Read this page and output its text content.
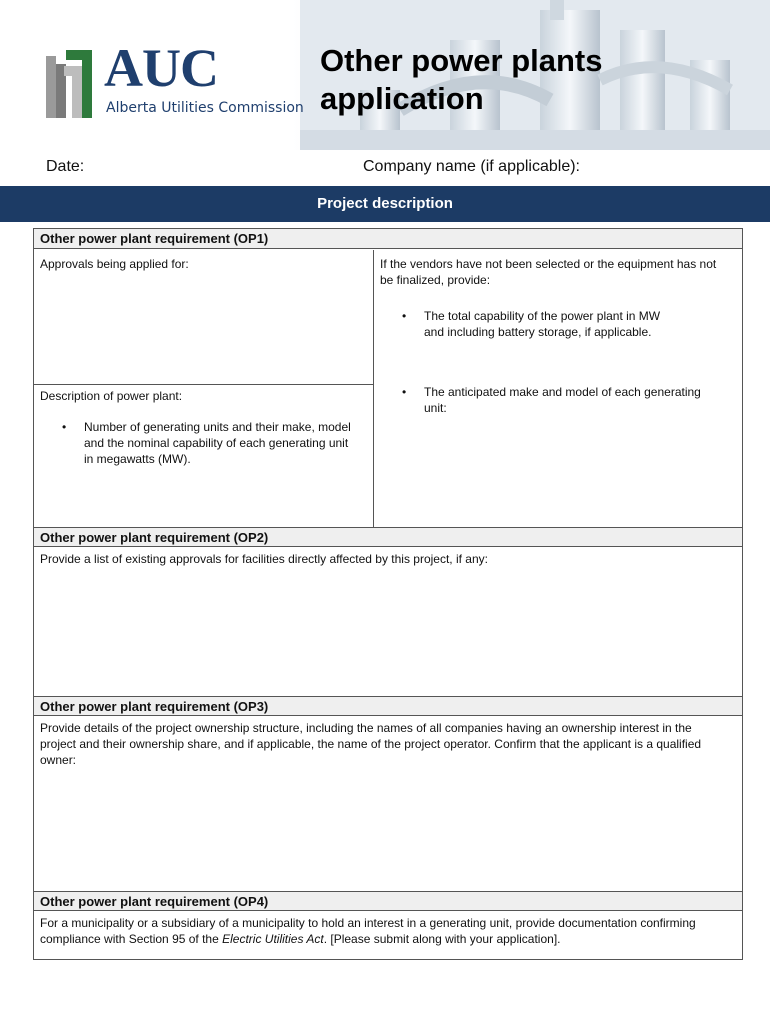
AUC
Alberta Utilities Commission
Other power plants
application
Date:	Company name (if applicable):
Project description
Other power plant requirement (OP1)
Approvals being applied for:
Description of power plant:
• Number of generating units and their make, model
and the nominal capability of each generating unit
in megawatts (MW).
If the vendors have not been selected or the equipment has not
be finalized, provide:
• The total capability of the power plant in MW
and including battery storage, if applicable.
• The anticipated make and model of each generating
unit:
Other power plant requirement (OP2)
Provide a list of existing approvals for facilities directly affected by this project, if any:
Other power plant requirement (OP3)
Provide details of the project ownership structure, including the names of all companies having an ownership interest in the
project and their ownership share, and if applicable, the name of the project operator. Confirm that the applicant is a qualified
owner:
Other power plant requirement (OP4)
For a municipality or a subsidiary of a municipality to hold an interest in a generating unit, provide documentation confirming
compliance with Section 95 of the Electric Utilities Act. [Please submit along with your application].
